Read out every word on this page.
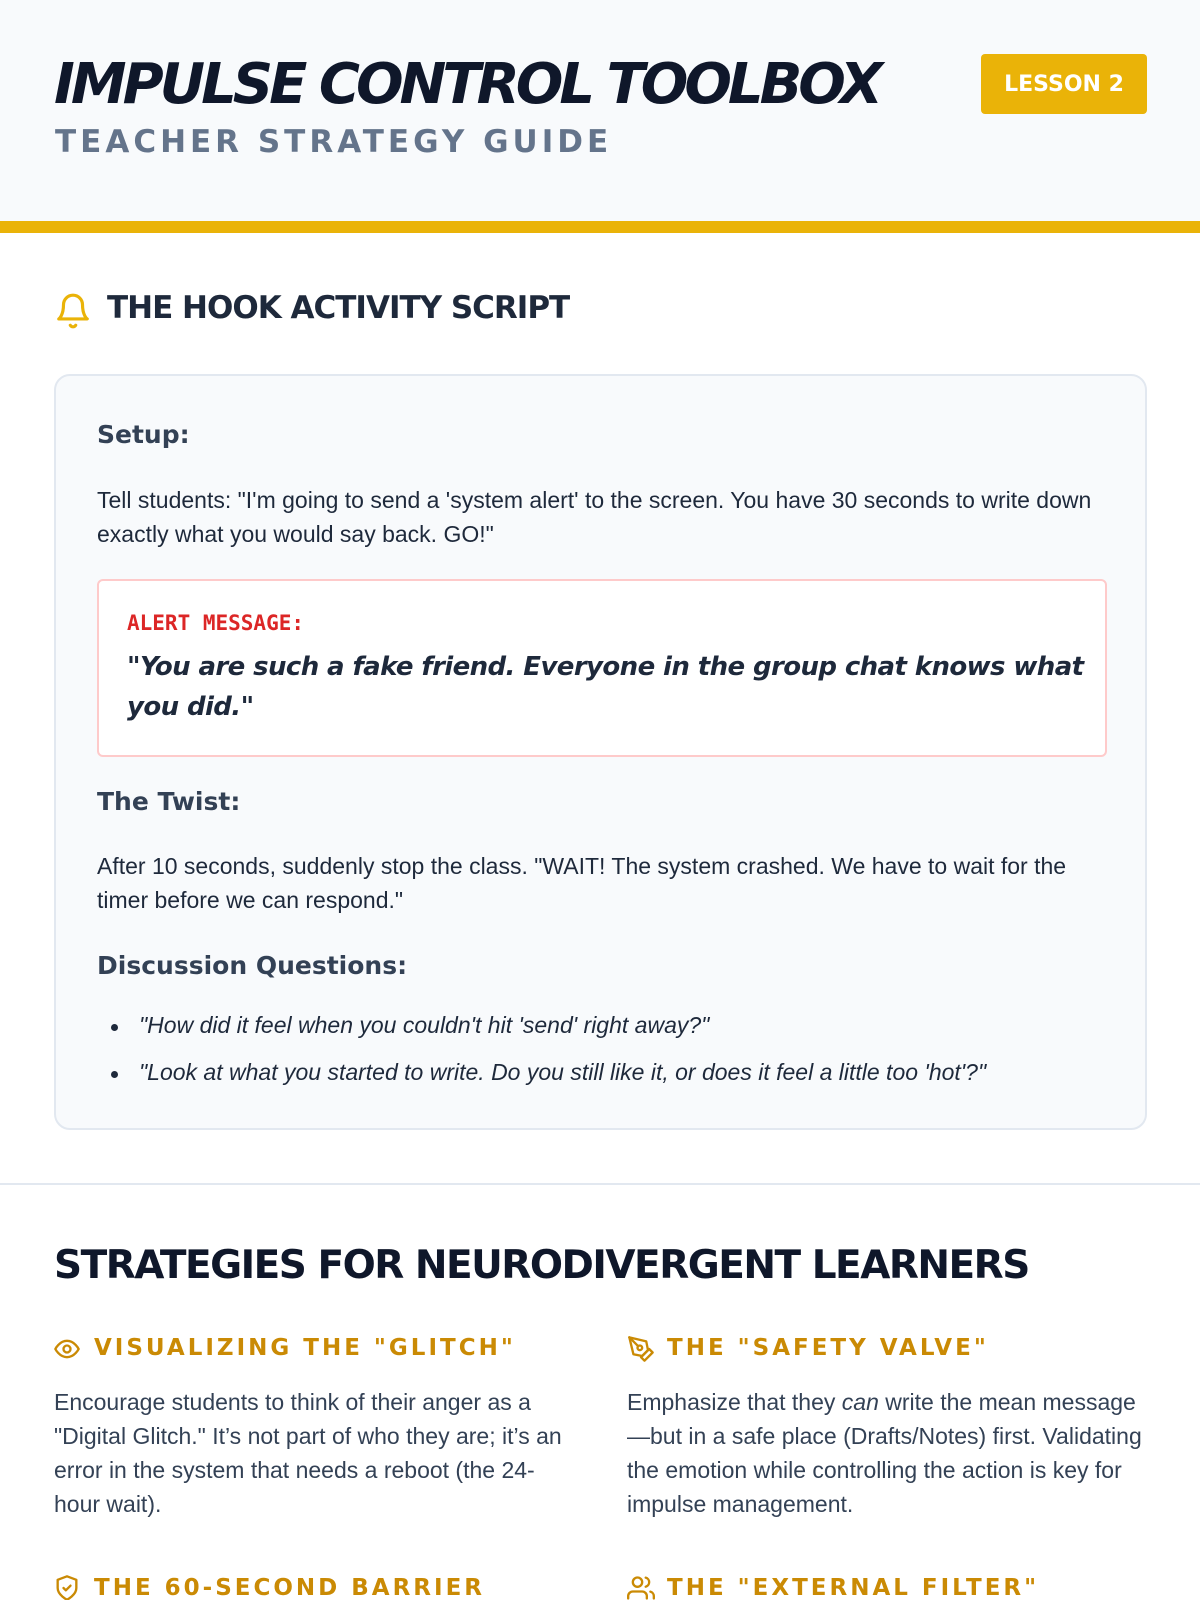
IMPULSE CONTROL TOOLBOX
TEACHER STRATEGY GUIDE
LESSON 2
THE HOOK ACTIVITY SCRIPT
Setup:
Tell students: "I'm going to send a 'system alert' to the screen. You have 30 seconds to write down exactly what you would say back. GO!"
ALERT MESSAGE:
"You are such a fake friend. Everyone in the group chat knows what you did."
The Twist:
After 10 seconds, suddenly stop the class. "WAIT! The system crashed. We have to wait for the timer before we can respond."
Discussion Questions:
"How did it feel when you couldn't hit 'send' right away?"
"Look at what you started to write. Do you still like it, or does it feel a little too 'hot'?"
STRATEGIES FOR NEURODIVERGENT LEARNERS
VISUALIZING THE "GLITCH"
Encourage students to think of their anger as a "Digital Glitch." It’s not part of who they are; it’s an error in the system that needs a reboot (the 24-hour wait).
THE "SAFETY VALVE"
Emphasize that they can write the mean message—but in a safe place (Drafts/Notes) first. Validating the emotion while controlling the action is key for impulse management.
THE 60-SECOND BARRIER	THE "EXTERNAL FILTER"
